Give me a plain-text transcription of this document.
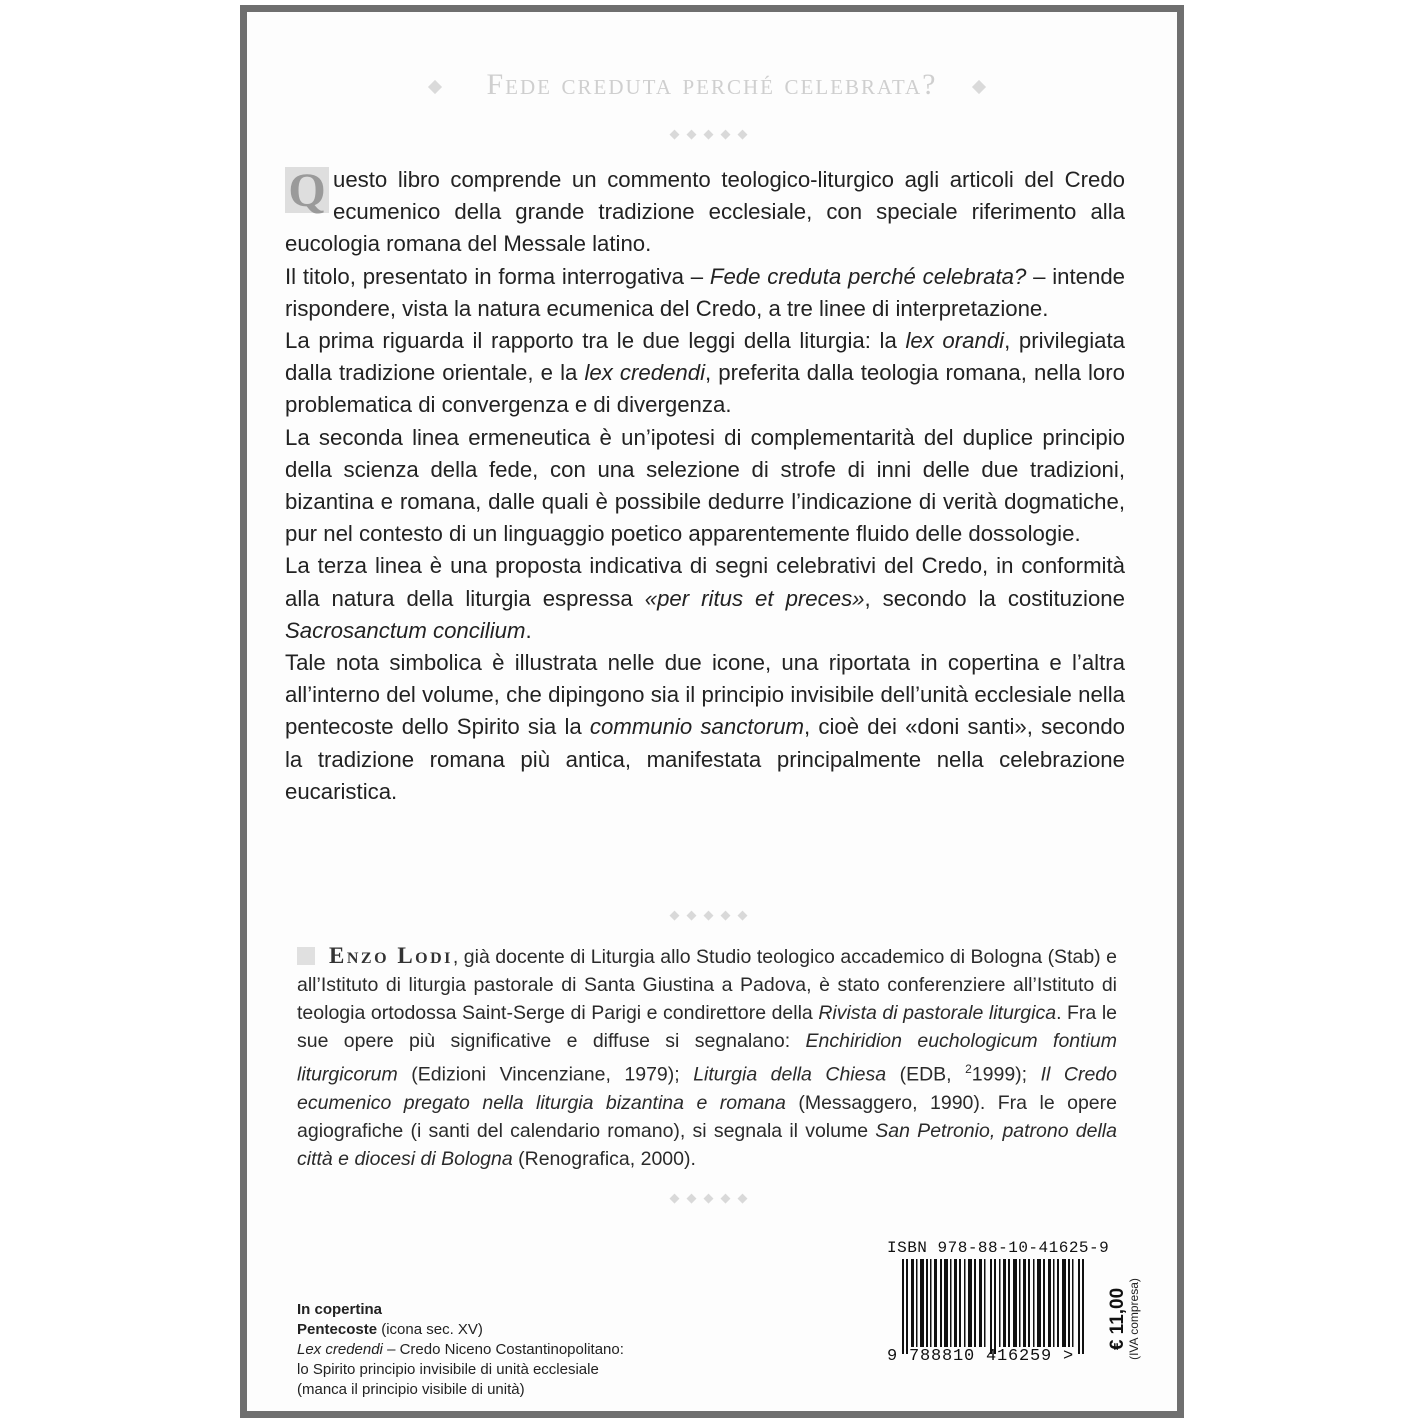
Fede creduta perché celebrata?
◆◆◆◆◆

Q uesto libro comprende un commento teologico-liturgico agli articoli del Credo ecumenico della grande tradizione ecclesiale, con speciale riferimento alla eucologia romana del Messale latino.

Il titolo, presentato in forma interrogativa – Fede creduta perché celebrata? – intende rispondere, vista la natura ecumenica del Credo, a tre linee di interpretazione.

La prima riguarda il rapporto tra le due leggi della liturgia: la lex orandi, privilegiata dalla tradizione orientale, e la lex credendi, preferita dalla teologia romana, nella loro problematica di convergenza e di divergenza.

La seconda linea ermeneutica è un’ipotesi di complementarità del duplice principio della scienza della fede, con una selezione di strofe di inni delle due tradizioni, bizantina e romana, dalle quali è possibile dedurre l’indicazione di verità dogmatiche, pur nel contesto di un linguaggio poetico apparentemente fluido delle dossologie.

La terza linea è una proposta indicativa di segni celebrativi del Credo, in conformità alla natura della liturgia espressa «per ritus et preces», secondo la costituzione Sacrosanctum concilium.

Tale nota simbolica è illustrata nelle due icone, una riportata in copertina e l’altra all’interno del volume, che dipingono sia il principio invisibile dell’unità ecclesiale nella pentecoste dello Spirito sia la communio sanctorum, cioè dei «doni santi», secondo la tradizione romana più antica, manifestata principalmente nella celebrazione eucaristica.

◆◆◆◆◆
Enzo Lodi, già docente di Liturgia allo Studio teologico accademico di Bologna (Stab) e all’Istituto di liturgia pastorale di Santa Giustina a Padova, è stato conferenziere all’Istituto di teologia ortodossa Saint-Serge di Parigi e condirettore della Rivista di pastorale liturgica. Fra le sue opere più significative e diffuse si segnalano: Enchiridion euchologicum fontium liturgicorum (Edizioni Vincenziane, 1979); Liturgia della Chiesa (EDB, $^2$1999); Il Credo ecumenico pregato nella liturgia bizantina e romana (Messaggero, 1990). Fra le opere agiografiche (i santi del calendario romano), si segnala il volume San Petronio, patrono della città e diocesi di Bologna (Renografica, 2000).
◆◆◆◆◆
ISBN 978-88-10-41625-9
9 788810 416259 >
€ 11,00 (IVA compresa)
In copertina
Pentecoste (icona sec. XV)
Lex credendi – Credo Niceno Costantinopolitano:
lo Spirito principio invisibile di unità ecclesiale
(manca il principio visibile di unità)
